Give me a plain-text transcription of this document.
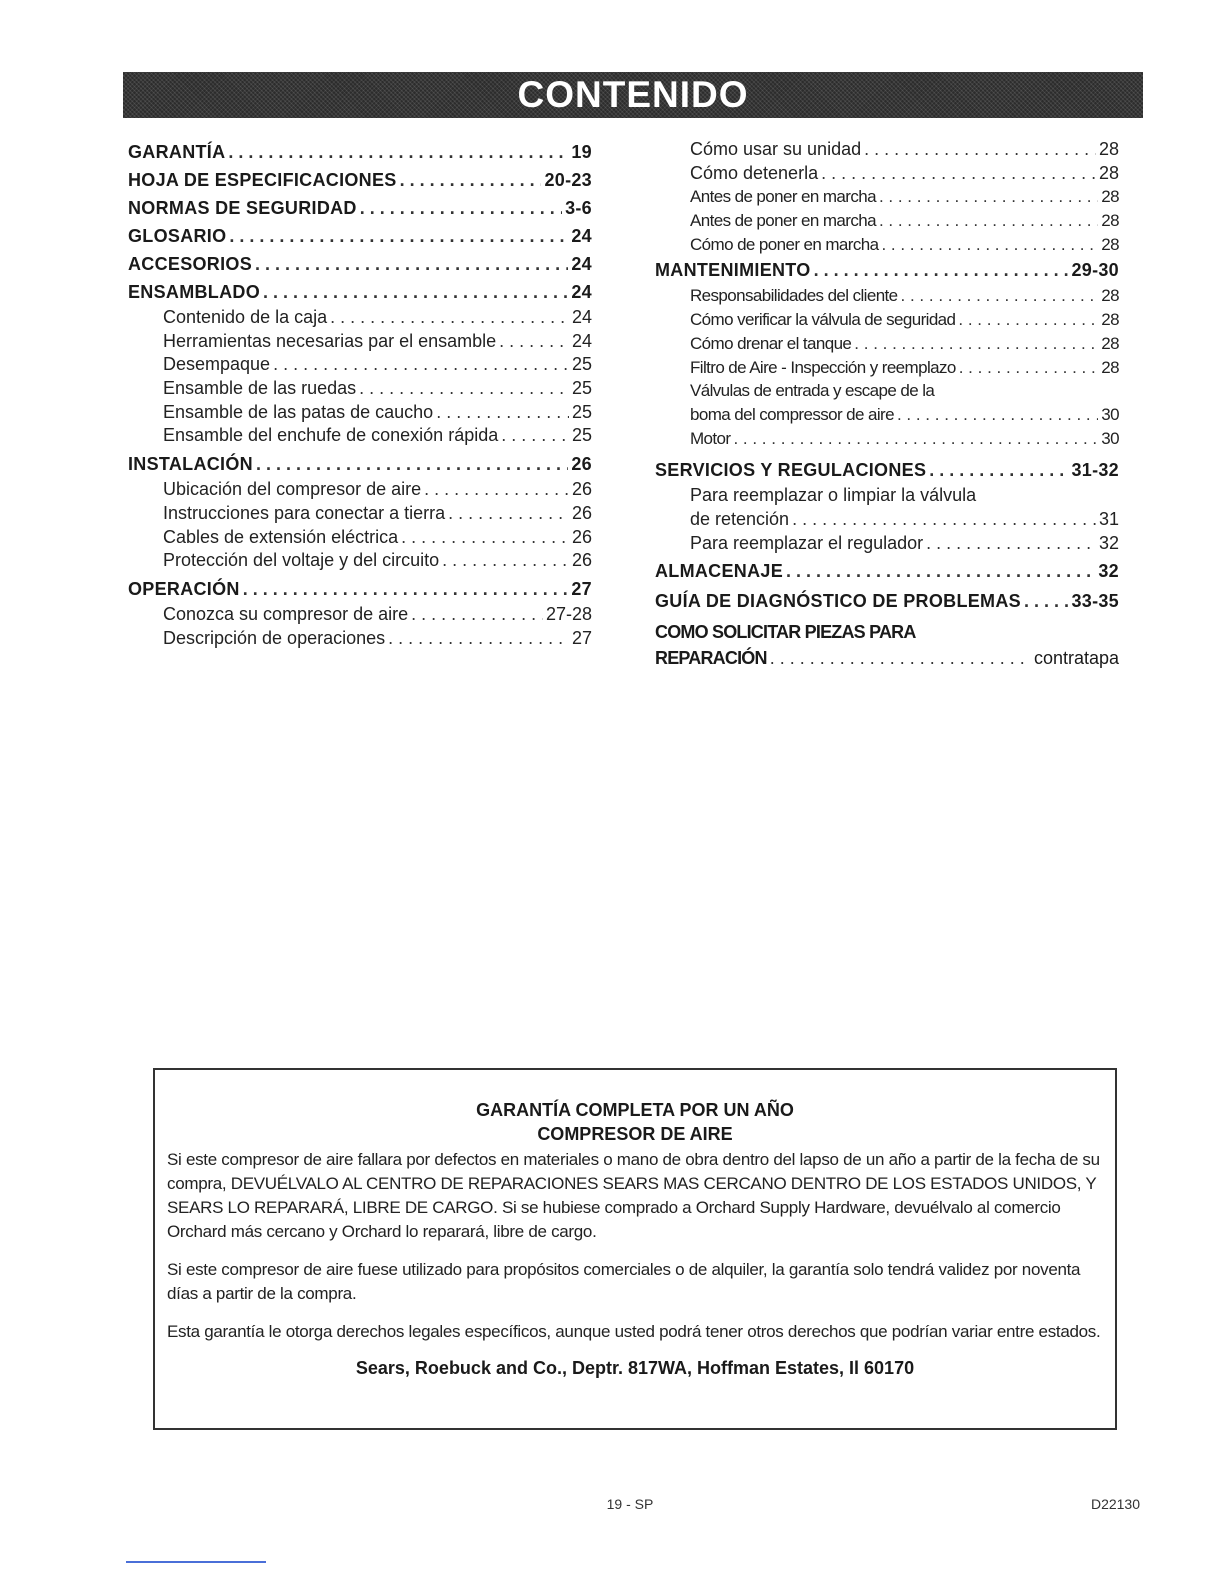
CONTENIDO
GARANTÍA . . .	19
HOJA DE ESPECIFICACIONES . . .	20-23
NORMAS DE SEGURIDAD . . .	3-6
GLOSARIO . . .	24
ACCESORIOS . . .	24
ENSAMBLADO . . .	24
Contenido de la caja . . .	24
Herramientas necesarias par el ensamble . . .	24
Desempaque . . .	25
Ensamble de las ruedas . . .	25
Ensamble de las patas de caucho . . .	25
Ensamble del enchufe de conexión rápida . . .	25
INSTALACIÓN . . .	26
Ubicación del compresor de aire . . .	26
Instrucciones para conectar a tierra . . .	26
Cables de extensión eléctrica . . .	26
Protección del voltaje y del circuito . . .	26
OPERACIÓN . . .	27
Conozca su compresor de aire . . .	27-28
Descripción de operaciones . . .	27
Cómo usar su unidad . . .	28
Cómo detenerla . . .	28
Antes de poner en marcha . . .	28
Antes de poner en marcha . . .	28
Cómo de poner en marcha . . .	28
MANTENIMIENTO . . .	29-30
Responsabilidades del cliente . . .	28
Cómo verificar la válvula de seguridad . . .	28
Cómo drenar el tanque . . .	28
Filtro de Aire - Inspección y reemplazo . . .	28
Válvulas de entrada y escape de la
boma del compressor de aire . . .	30
Motor . . .	30
SERVICIOS Y REGULACIONES . . .	31-32
Para reemplazar o limpiar la válvula
de retención . . .	31
Para reemplazar el regulador . . .	32
ALMACENAJE . . .	32
GUÍA DE DIAGNÓSTICO DE PROBLEMAS . . .	33-35
COMO SOLICITAR PIEZAS PARA
REPARACIÓN . . .	contratapa
GARANTÍA COMPLETA POR UN AÑO
COMPRESOR DE AIRE

Si este compresor de aire fallara por defectos en materiales o mano de obra dentro del lapso de un año a partir de la fecha de su compra, DEVUÉLVALO AL CENTRO DE REPARACIONES SEARS MAS CERCANO DENTRO DE LOS ESTADOS UNIDOS, Y SEARS LO REPARARÁ, LIBRE DE CARGO. Si se hubiese comprado a Orchard Supply Hardware, devuélvalo al comercio Orchard más cercano y Orchard lo reparará, libre de cargo.

Si este compresor de aire fuese utilizado para propósitos comerciales o de alquiler, la garantía solo tendrá validez por noventa días a partir de la compra.

Esta garantía le otorga derechos legales específicos, aunque usted podrá tener otros derechos que podrían variar entre estados.

Sears, Roebuck and Co., Deptr. 817WA, Hoffman Estates, Il 60170
19 - SP	D22130
